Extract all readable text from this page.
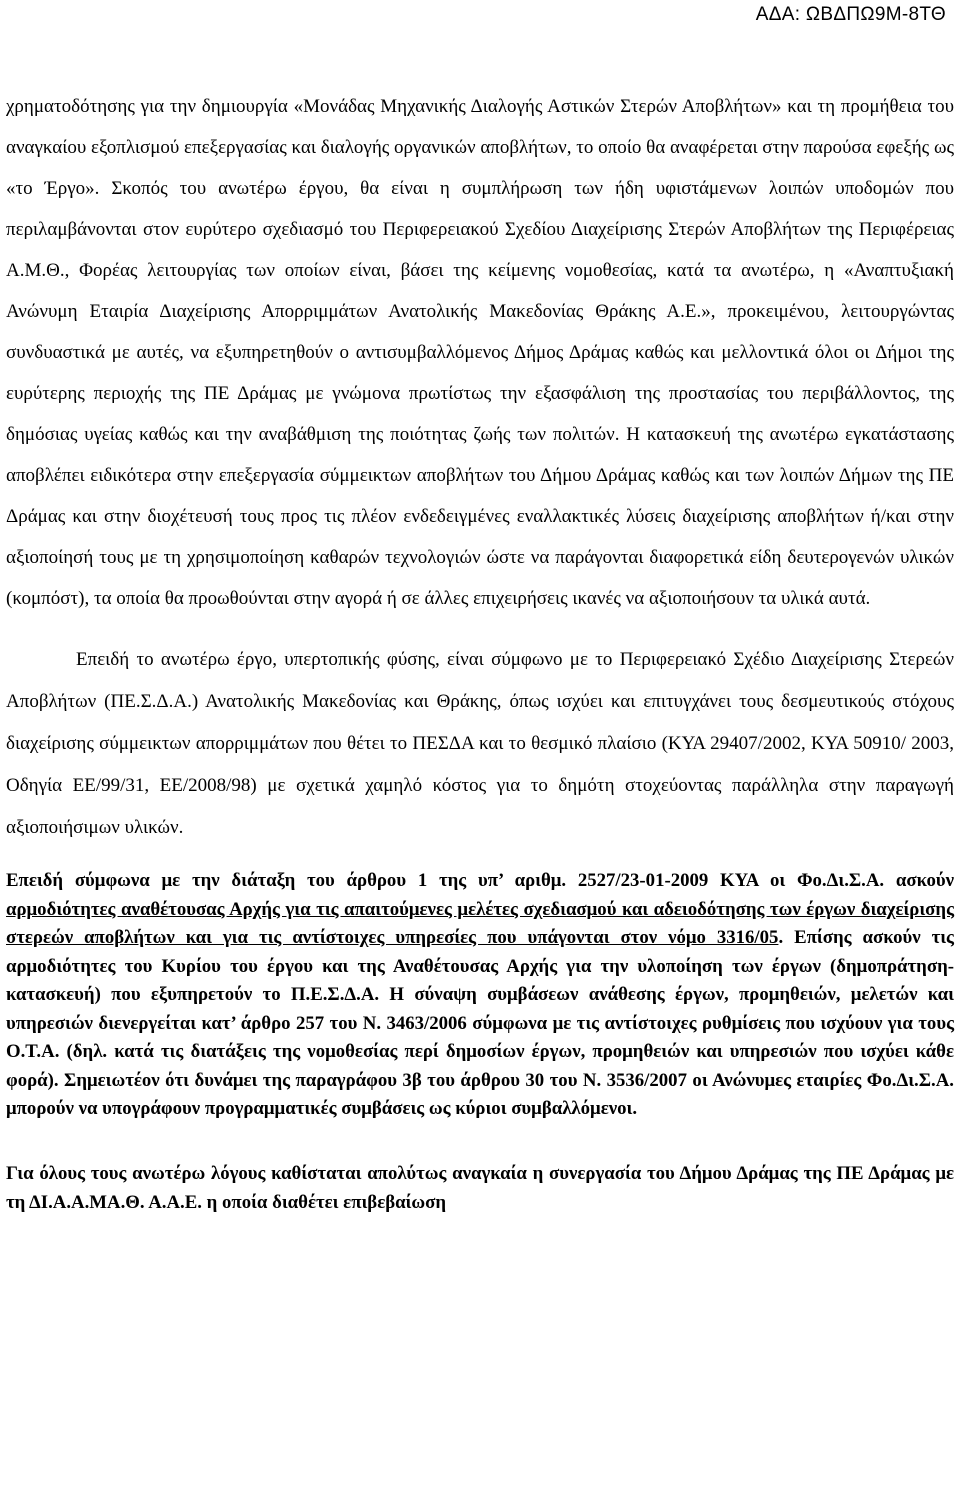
ΑΔΑ: ΩΒΔΠΩ9Μ-8ΤΘ

χρηματοδότησης για την δημιουργία «Μονάδας Μηχανικής Διαλογής Αστικών Στερών Αποβλήτων» και τη προμήθεια του αναγκαίου εξοπλισμού επεξεργασίας και διαλογής οργανικών αποβλήτων, το οποίο θα αναφέρεται στην παρούσα εφεξής ως «το Έργο». Σκοπός του ανωτέρω έργου, θα είναι η συμπλήρωση των ήδη υφιστάμενων λοιπών υποδομών που περιλαμβάνονται στον ευρύτερο σχεδιασμό του Περιφερειακού Σχεδίου Διαχείρισης Στερών Αποβλήτων της Περιφέρειας Α.Μ.Θ., Φορέας λειτουργίας των οποίων είναι, βάσει της κείμενης νομοθεσίας, κατά τα ανωτέρω, η «Αναπτυξιακή Ανώνυμη Εταιρία Διαχείρισης Απορριμμάτων Ανατολικής Μακεδονίας Θράκης Α.Ε.», προκειμένου, λειτουργώντας συνδυαστικά με αυτές, να εξυπηρετηθούν ο αντισυμβαλλόμενος Δήμος Δράμας καθώς και μελλοντικά όλοι οι Δήμοι της ευρύτερης περιοχής της ΠΕ Δράμας με γνώμονα πρωτίστως την εξασφάλιση της προστασίας του περιβάλλοντος, της δημόσιας υγείας καθώς και την αναβάθμιση της ποιότητας ζωής των πολιτών. Η κατασκευή της ανωτέρω εγκατάστασης αποβλέπει ειδικότερα στην επεξεργασία σύμμεικτων αποβλήτων του Δήμου Δράμας καθώς και των λοιπών Δήμων της ΠΕ Δράμας και στην διοχέτευσή τους προς τις πλέον ενδεδειγμένες εναλλακτικές λύσεις διαχείρισης αποβλήτων ή/και στην αξιοποίησή τους με τη χρησιμοποίηση καθαρών τεχνολογιών ώστε να παράγονται διαφορετικά είδη δευτερογενών υλικών (κομπόστ), τα οποία θα προωθούνται στην αγορά ή σε άλλες επιχειρήσεις ικανές να αξιοποιήσουν τα υλικά αυτά.

Επειδή το ανωτέρω έργο, υπερτοπικής φύσης, είναι σύμφωνο με το Περιφερειακό Σχέδιο Διαχείρισης Στερεών Αποβλήτων (ΠΕ.Σ.Δ.Α.) Ανατολικής Μακεδονίας και Θράκης, όπως ισχύει και επιτυγχάνει τους δεσμευτικούς στόχους διαχείρισης σύμμεικτων απορριμμάτων που θέτει το ΠΕΣΔΑ και το θεσμικό πλαίσιο (ΚΥΑ 29407/2002, ΚΥΑ 50910/ 2003, Οδηγία ΕΕ/99/31, ΕΕ/2008/98) με σχετικά χαμηλό κόστος για το δημότη στοχεύοντας παράλληλα στην παραγωγή αξιοποιήσιμων υλικών.

Επειδή σύμφωνα με την διάταξη του άρθρου 1 της υπ’ αριθμ. 2527/23-01-2009 ΚΥΑ οι Φο.Δι.Σ.Α. ασκούν αρμοδιότητες αναθέτουσας Αρχής για τις απαιτούμενες μελέτες σχεδιασμού και αδειοδότησης των έργων διαχείρισης στερεών αποβλήτων και για τις αντίστοιχες υπηρεσίες που υπάγονται στον νόμο 3316/05. Επίσης ασκούν τις αρμοδιότητες του Κυρίου του έργου και της Αναθέτουσας Αρχής για την υλοποίηση των έργων (δημοπράτηση-κατασκευή) που εξυπηρετούν το Π.Ε.Σ.Δ.Α. Η σύναψη συμβάσεων ανάθεσης έργων, προμηθειών, μελετών και υπηρεσιών διενεργείται κατ’ άρθρο 257 του Ν. 3463/2006 σύμφωνα με τις αντίστοιχες ρυθμίσεις που ισχύουν για τους Ο.Τ.Α. (δηλ. κατά τις διατάξεις της νομοθεσίας περί δημοσίων έργων, προμηθειών και υπηρεσιών που ισχύει κάθε φορά). Σημειωτέον ότι δυνάμει της παραγράφου 3β του άρθρου 30 του Ν. 3536/2007 οι Ανώνυμες εταιρίες Φο.Δι.Σ.Α. μπορούν να υπογράφουν προγραμματικές συμβάσεις ως κύριοι συμβαλλόμενοι.

Για όλους τους ανωτέρω λόγους καθίσταται απολύτως αναγκαία η συνεργασία του Δήμου Δράμας της ΠΕ Δράμας με τη ΔΙ.Α.Α.ΜΑ.Θ. Α.Α.Ε. η οποία διαθέτει επιβεβαίωση
